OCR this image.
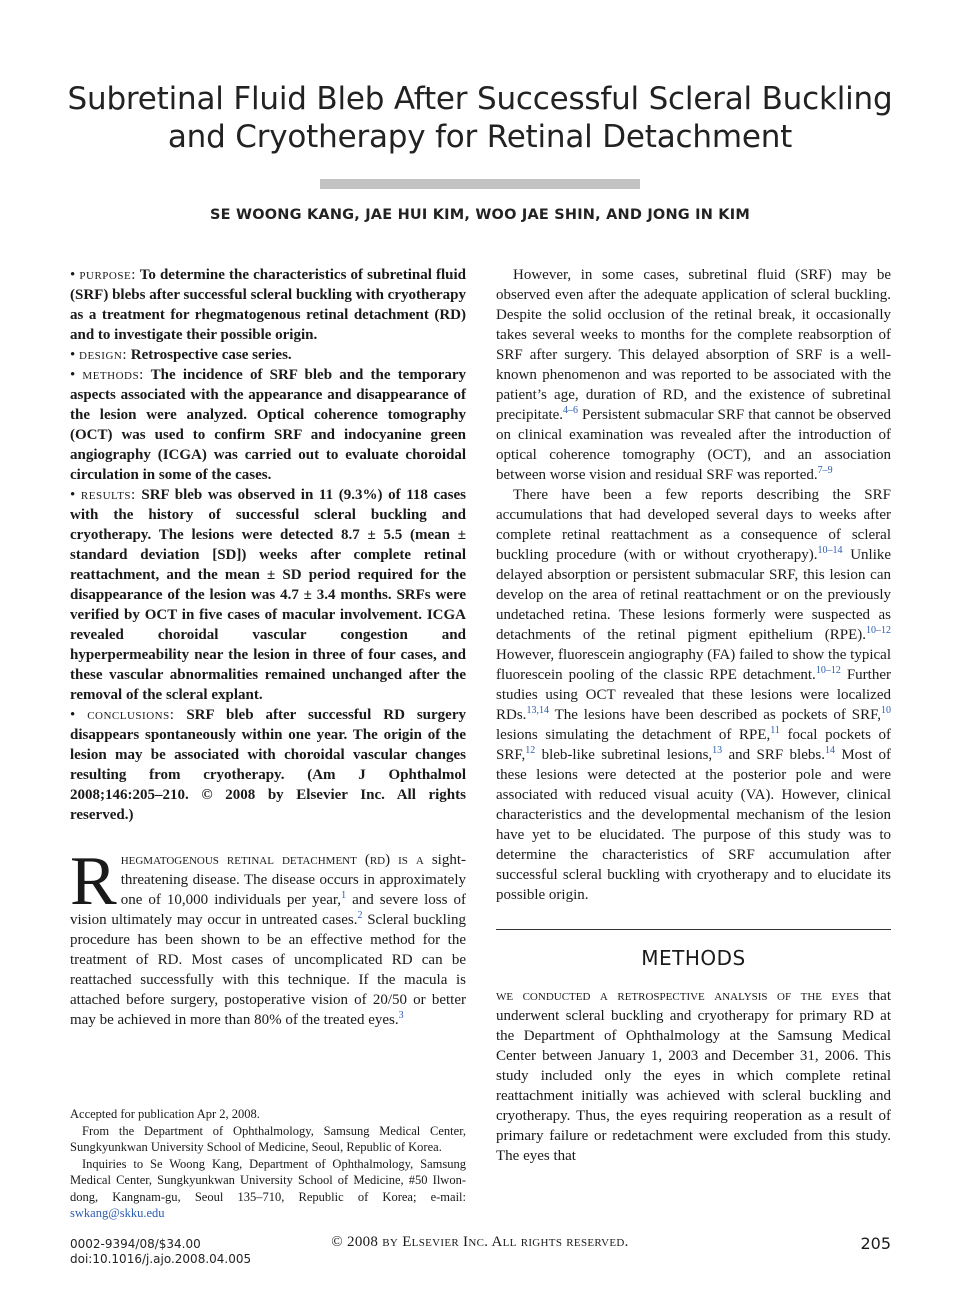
Subretinal Fluid Bleb After Successful Scleral Buckling
and Cryotherapy for Retinal Detachment
SE WOONG KANG, JAE HUI KIM, WOO JAE SHIN, AND JONG IN KIM

• purpose: To determine the characteristics of subretinal fluid (SRF) blebs after successful scleral buckling with cryotherapy as a treatment for rhegmatogenous retinal detachment (RD) and to investigate their possible origin.

• design: Retrospective case series.

• methods: The incidence of SRF bleb and the temporary aspects associated with the appearance and disappearance of the lesion were analyzed. Optical coherence tomography (OCT) was used to confirm SRF and indocyanine green angiography (ICGA) was carried out to evaluate choroidal circulation in some of the cases.

• results: SRF bleb was observed in 11 (9.3%) of 118 cases with the history of successful scleral buckling and cryotherapy. The lesions were detected 8.7 ± 5.5 (mean ± standard deviation [SD]) weeks after complete retinal reattachment, and the mean ± SD period required for the disappearance of the lesion was 4.7 ± 3.4 months. SRFs were verified by OCT in five cases of macular involvement. ICGA revealed choroidal vascular congestion and hyperpermeability near the lesion in three of four cases, and these vascular abnormalities remained unchanged after the removal of the scleral explant.

• conclusions: SRF bleb after successful RD surgery disappears spontaneously within one year. The origin of the lesion may be associated with choroidal vascular changes resulting from cryotherapy. (Am J Ophthalmol 2008;146:205–210. © 2008 by Elsevier Inc. All rights reserved.)

Rhegmatogenous retinal detachment (rd) is a sight-threatening disease. The disease occurs in approximately one of 10,000 individuals per year,$^1$ and severe loss of vision ultimately may occur in untreated cases.$^2$ Scleral buckling procedure has been shown to be an effective method for the treatment of RD. Most cases of uncomplicated RD can be reattached successfully with this technique. If the macula is attached before surgery, postoperative vision of 20/50 or better may be achieved in more than 80% of the treated eyes.$^3$

Accepted for publication Apr 2, 2008.

From the Department of Ophthalmology, Samsung Medical Center, Sungkyunkwan University School of Medicine, Seoul, Republic of Korea.

Inquiries to Se Woong Kang, Department of Ophthalmology, Samsung Medical Center, Sungkyunkwan University School of Medicine, #50 Ilwon-dong, Kangnam-gu, Seoul 135–710, Republic of Korea; e-mail: swkang@skku.edu

However, in some cases, subretinal fluid (SRF) may be observed even after the adequate application of scleral buckling. Despite the solid occlusion of the retinal break, it occasionally takes several weeks to months for the complete reabsorption of SRF after surgery. This delayed absorption of SRF is a well-known phenomenon and was reported to be associated with the patient’s age, duration of RD, and the existence of subretinal precipitate.$^{4-6}$ Persistent submacular SRF that cannot be observed on clinical examination was revealed after the introduction of optical coherence tomography (OCT), and an association between worse vision and residual SRF was reported.$^{7-9}$

There have been a few reports describing the SRF accumulations that had developed several days to weeks after complete retinal reattachment as a consequence of scleral buckling procedure (with or without cryotherapy).$^{10-14}$ Unlike delayed absorption or persistent submacular SRF, this lesion can develop on the area of retinal reattachment or on the previously undetached retina. These lesions formerly were suspected as detachments of the retinal pigment epithelium (RPE).$^{10-12}$ However, fluorescein angiography (FA) failed to show the typical fluorescein pooling of the classic RPE detachment.$^{10-12}$ Further studies using OCT revealed that these lesions were localized RDs.$^{13,14}$ The lesions have been described as pockets of SRF,$^{10}$ lesions simulating the detachment of RPE,$^{11}$ focal pockets of SRF,$^{12}$ bleb-like subretinal lesions,$^{13}$ and SRF blebs.$^{14}$ Most of these lesions were detected at the posterior pole and were associated with reduced visual acuity (VA). However, clinical characteristics and the developmental mechanism of the lesion have yet to be elucidated. The purpose of this study was to determine the characteristics of SRF accumulation after successful scleral buckling with cryotherapy and to elucidate its possible origin.

METHODS

we conducted a retrospective analysis of the eyes that underwent scleral buckling and cryotherapy for primary RD at the Department of Ophthalmology at the Samsung Medical Center between January 1, 2003 and December 31, 2006. This study included only the eyes in which complete retinal reattachment initially was achieved with scleral buckling and cryotherapy. Thus, the eyes requiring reoperation as a result of primary failure or redetachment were excluded from this study. The eyes that

0002-9394/08/$34.00
doi:10.1016/j.ajo.2008.04.005
© 2008 by Elsevier Inc. All rights reserved.	205
